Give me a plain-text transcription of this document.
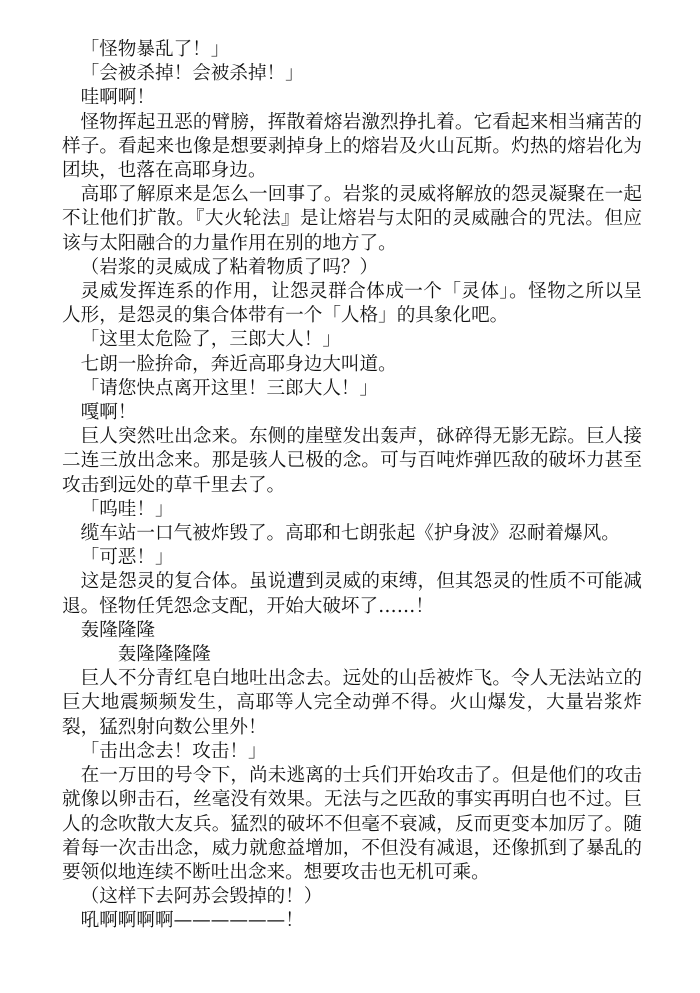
「怪物暴乱了！」

「会被杀掉！会被杀掉！」

哇啊啊！

怪物挥起丑恶的臂膀，挥散着熔岩激烈挣扎着。它看起来相当痛苦的样子。看起来也像是想要剥掉身上的熔岩及火山瓦斯。灼热的熔岩化为团块，也落在高耶身边。

高耶了解原来是怎么一回事了。岩浆的灵威将解放的怨灵凝聚在一起不让他们扩散。『大火轮法』是让熔岩与太阳的灵威融合的咒法。但应该与太阳融合的力量作用在别的地方了。

（岩浆的灵威成了粘着物质了吗？）

灵威发挥连系的作用，让怨灵群合体成一个「灵体」。怪物之所以呈人形，是怨灵的集合体带有一个「人格」的具象化吧。

「这里太危险了，三郎大人！」

七朗一脸拚命，奔近高耶身边大叫道。

「请您快点离开这里！三郎大人！」

嘎啊！

巨人突然吐出念来。东侧的崖壁发出轰声，砯碎得无影无踪。巨人接二连三放出念来。那是骇人已极的念。可与百吨炸弹匹敌的破坏力甚至攻击到远处的草千里去了。

「呜哇！」

缆车站一口气被炸毁了。高耶和七朗张起《护身波》忍耐着爆风。

「可恶！」

这是怨灵的复合体。虽说遭到灵威的束缚，但其怨灵的性质不可能减退。怪物任凭怨念支配，开始大破坏了……！

轰隆隆隆

轰隆隆隆隆

巨人不分青红皂白地吐出念去。远处的山岳被炸飞。令人无法站立的巨大地震频频发生，高耶等人完全动弹不得。火山爆发，大量岩浆炸裂，猛烈射向数公里外！

「击出念去！攻击！」

在一万田的号令下，尚未逃离的士兵们开始攻击了。但是他们的攻击就像以卵击石，丝毫没有效果。无法与之匹敌的事实再明白也不过。巨人的念吹散大友兵。猛烈的破坏不但毫不衰减，反而更变本加厉了。随着每一次击出念，威力就愈益增加，不但没有减退，还像抓到了暴乱的要领似地连续不断吐出念来。想要攻击也无机可乘。

（这样下去阿苏会毁掉的！）

吼啊啊啊啊——————！
